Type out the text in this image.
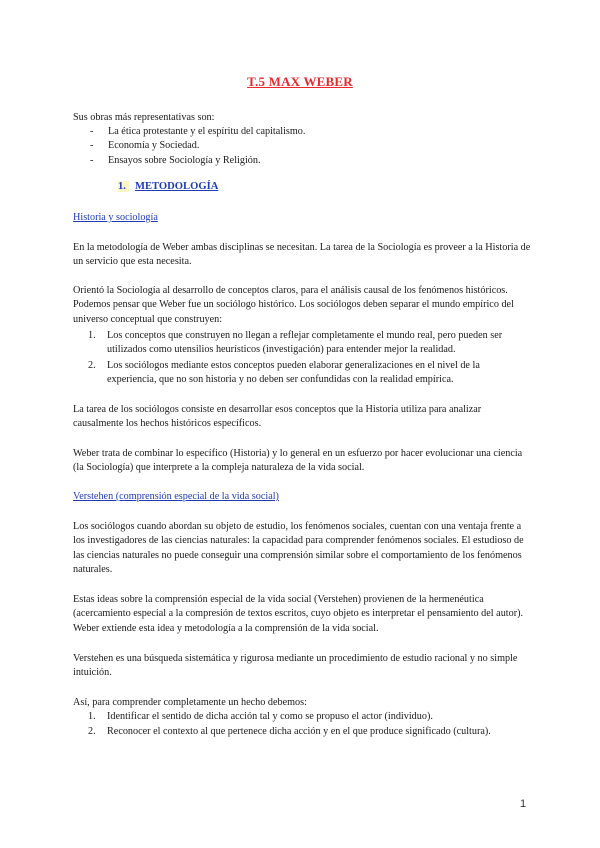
T.5 MAX WEBER
Sus obras más representativas son:
- La ética protestante y el espíritu del capitalismo.
- Economía y Sociedad.
- Ensayos sobre Sociología y Religión.
1. METODOLOGÍA
Historia y sociología
En la metodología de Weber ambas disciplinas se necesitan. La tarea de la Sociología es proveer a la Historia de un servicio que esta necesita.
Orientó la Sociología al desarrollo de conceptos claros, para el análisis causal de los fenómenos históricos. Podemos pensar que Weber fue un sociólogo histórico. Los sociólogos deben separar el mundo empírico del universo conceptual que construyen:
1. Los conceptos que construyen no llegan a reflejar completamente el mundo real, pero pueden ser utilizados como utensilios heurísticos (investigación) para entender mejor la realidad.
2. Los sociólogos mediante estos conceptos pueden elaborar generalizaciones en el nivel de la experiencia, que no son historia y no deben ser confundidas con la realidad empírica.
La tarea de los sociólogos consiste en desarrollar esos conceptos que la Historia utiliza para analizar causalmente los hechos históricos específicos.
Weber trata de combinar lo específico (Historia) y lo general en un esfuerzo por hacer evolucionar una ciencia (la Sociología) que interprete a la compleja naturaleza de la vida social.
Verstehen (comprensión especial de la vida social)
Los sociólogos cuando abordan su objeto de estudio, los fenómenos sociales, cuentan con una ventaja frente a los investigadores de las ciencias naturales: la capacidad para comprender fenómenos sociales. El estudioso de las ciencias naturales no puede conseguir una comprensión similar sobre el comportamiento de los fenómenos naturales.
Estas ideas sobre la comprensión especial de la vida social (Verstehen) provienen de la hermenéutica (acercamiento especial a la compresión de textos escritos, cuyo objeto es interpretar el pensamiento del autor). Weber extiende esta idea y metodología a la comprensión de la vida social.
Verstehen es una búsqueda sistemática y rigurosa mediante un procedimiento de estudio racional y no simple intuición.
Así, para comprender completamente un hecho debemos:
1. Identificar el sentido de dicha acción tal y como se propuso el actor (individuo).
2. Reconocer el contexto al que pertenece dicha acción y en el que produce significado (cultura).
1
